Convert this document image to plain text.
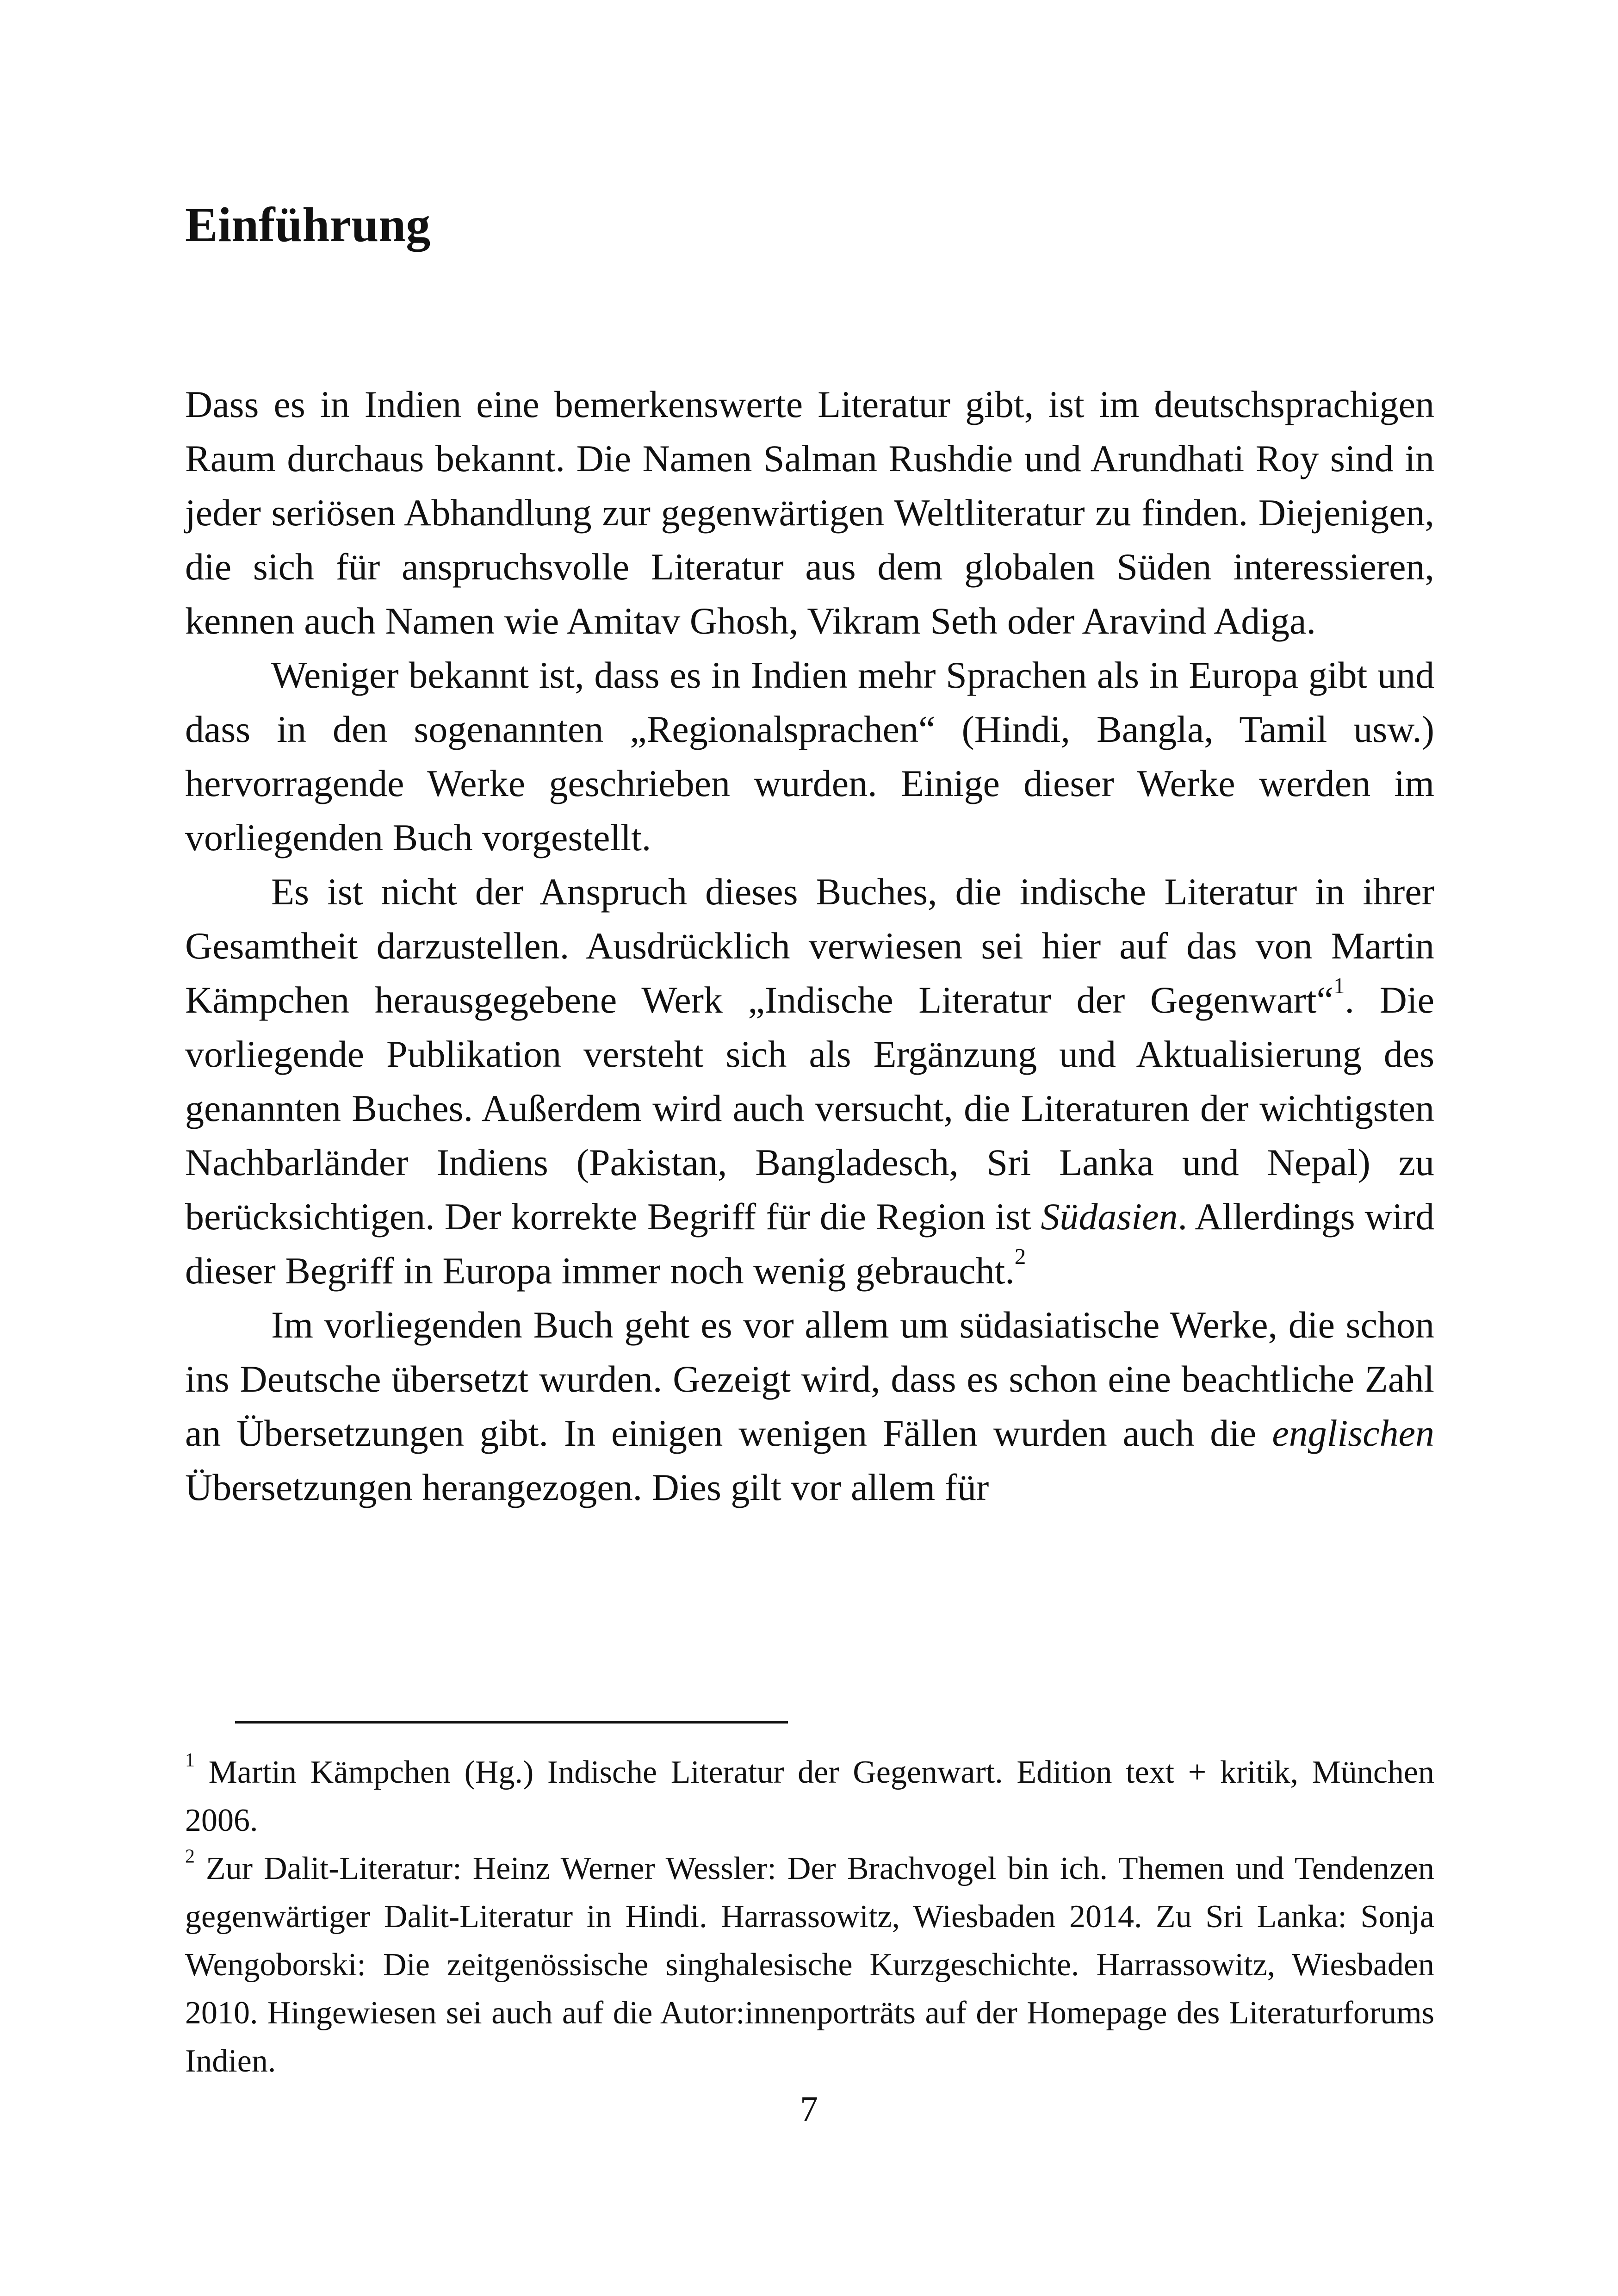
Einführung

Dass es in Indien eine bemerkenswerte Literatur gibt, ist im deutschsprachigen Raum durchaus bekannt. Die Namen Salman Rushdie und Arundhati Roy sind in jeder seriösen Abhandlung zur gegenwärtigen Weltliteratur zu finden. Diejenigen, die sich für anspruchsvolle Literatur aus dem globalen Süden interessieren, kennen auch Namen wie Amitav Ghosh, Vikram Seth oder Aravind Adiga.

Weniger bekannt ist, dass es in Indien mehr Sprachen als in Europa gibt und dass in den sogenannten „Regionalsprachen“ (Hindi, Bangla, Tamil usw.) hervorragende Werke geschrieben wurden. Einige dieser Werke werden im vorliegenden Buch vorgestellt.

Es ist nicht der Anspruch dieses Buches, die indische Literatur in ihrer Gesamtheit darzustellen. Ausdrücklich verwiesen sei hier auf das von Martin Kämpchen herausgegebene Werk „Indische Literatur der Gegenwart“$^1$. Die vorliegende Publikation versteht sich als Ergänzung und Aktualisierung des genannten Buches. Außerdem wird auch versucht, die Literaturen der wichtigsten Nachbarländer Indiens (Pakistan, Bangladesch, Sri Lanka und Nepal) zu berücksichtigen. Der korrekte Begriff für die Region ist Südasien. Allerdings wird dieser Begriff in Europa immer noch wenig gebraucht.$^2$

Im vorliegenden Buch geht es vor allem um südasiatische Werke, die schon ins Deutsche übersetzt wurden. Gezeigt wird, dass es schon eine beachtliche Zahl an Übersetzungen gibt. In einigen wenigen Fällen wurden auch die englischen Übersetzungen herangezogen. Dies gilt vor allem für

$^1$ Martin Kämpchen (Hg.) Indische Literatur der Gegenwart. Edition text + kritik, München 2006.

$^2$ Zur Dalit-Literatur: Heinz Werner Wessler: Der Brachvogel bin ich. Themen und Tendenzen gegenwärtiger Dalit-Literatur in Hindi. Harrassowitz, Wiesbaden 2014. Zu Sri Lanka: Sonja Wengoborski: Die zeitgenössische singhalesische Kurzgeschichte. Harrassowitz, Wiesbaden 2010. Hingewiesen sei auch auf die Autor:innenporträts auf der Homepage des Literaturforums Indien.

7
